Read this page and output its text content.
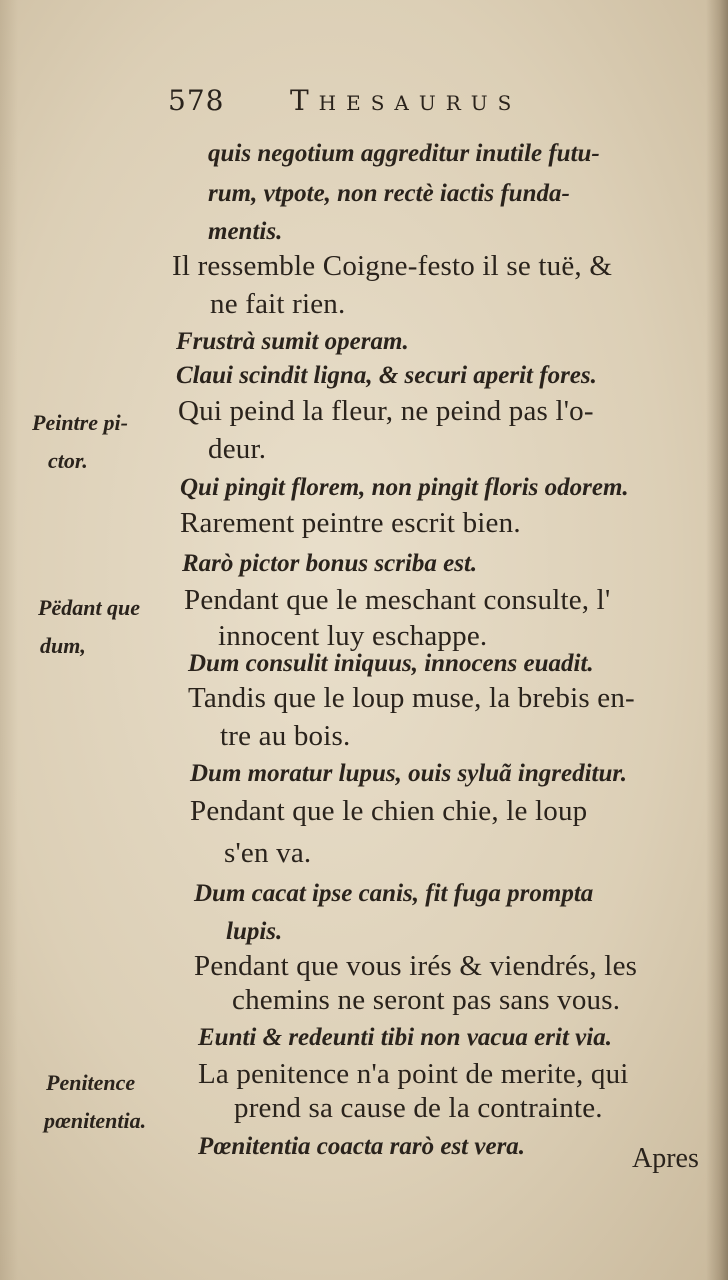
578 Thesaurus
Peintre pi-
ctor.
Pëdant que
dum,
Penitence
pœnitentia.
quis negotium aggreditur inutile futu-
rum, vtpote, non rectè iactis funda-
mentis.
Il ressemble Coigne-festo il se tuë, &
ne fait rien.
Frustrà sumit operam.
Claui scindit ligna, & securi aperit fores.
Qui peind la fleur, ne peind pas l'o-
deur.
Qui pingit florem, non pingit floris odorem.
Rarement peintre escrit bien.
Rarò pictor bonus scriba est.
Pendant que le meschant consulte, l'
innocent luy eschappe.
Dum consulit iniquus, innocens euadit.
Tandis que le loup muse, la brebis en-
tre au bois.
Dum moratur lupus, ouis syluã ingreditur.
Pendant que le chien chie, le loup
s'en va.
Dum cacat ipse canis, fit fuga prompta
lupis.
Pendant que vous irés & viendrés, les
chemins ne seront pas sans vous.
Eunti & redeunti tibi non vacua erit via.
La penitence n'a point de merite, qui
prend sa cause de la contrainte.
Pœnitentia coacta rarò est vera.	Apres
